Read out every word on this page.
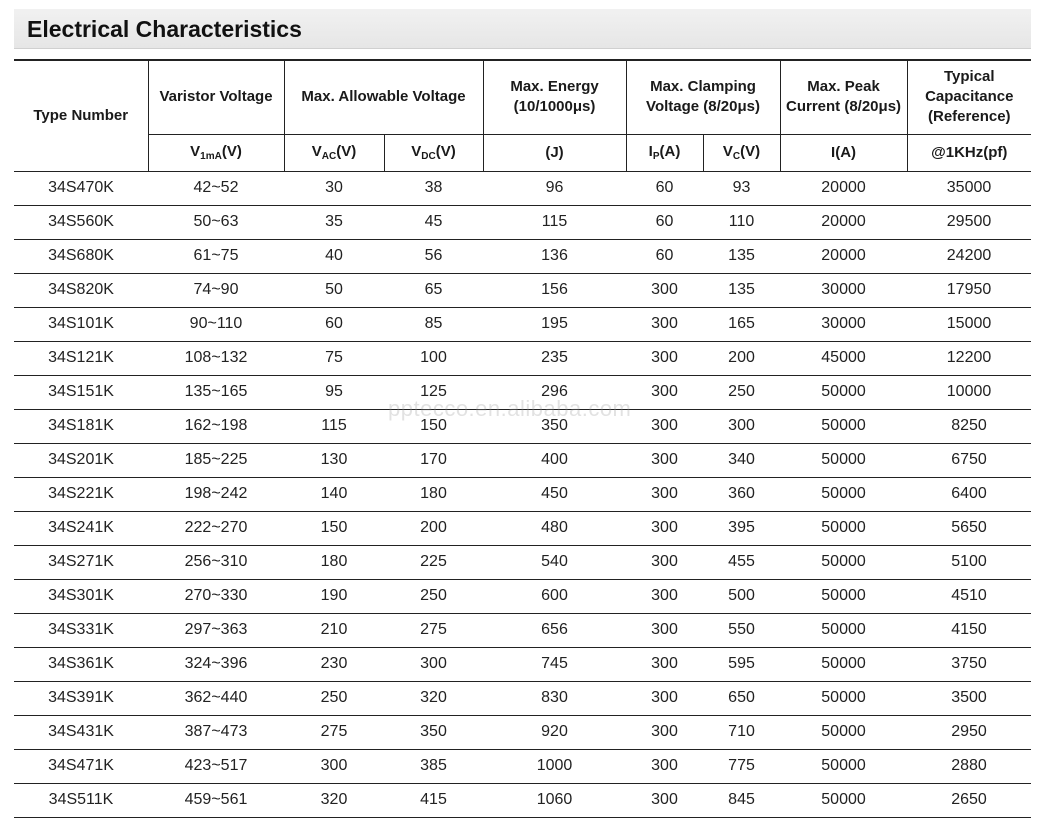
Electrical Characteristics
Type Number	Varistor Voltage	Max. Allowable Voltage		Max. Energy (10/1000μs)	Max. Clamping Voltage (8/20μs)		Max. Peak Current (8/20μs)	Typical Capacitance (Reference)
	$V_{1mA}(V)$	$V_{AC}(V)$	$V_{DC}(V)$	(J)	$I_P(A)$	$V_C(V)$	I(A)	@1KHz(pf)
34S470K	42~52	30	38	96	60	93	20000	35000
34S560K	50~63	35	45	115	60	110	20000	29500
34S680K	61~75	40	56	136	60	135	20000	24200
34S820K	74~90	50	65	156	300	135	30000	17950
34S101K	90~110	60	85	195	300	165	30000	15000
34S121K	108~132	75	100	235	300	200	45000	12200
34S151K	135~165	95	125	296	300	250	50000	10000
34S181K	162~198	115	150	350	300	300	50000	8250
34S201K	185~225	130	170	400	300	340	50000	6750
34S221K	198~242	140	180	450	300	360	50000	6400
34S241K	222~270	150	200	480	300	395	50000	5650
34S271K	256~310	180	225	540	300	455	50000	5100
34S301K	270~330	190	250	600	300	500	50000	4510
34S331K	297~363	210	275	656	300	550	50000	4150
34S361K	324~396	230	300	745	300	595	50000	3750
34S391K	362~440	250	320	830	300	650	50000	3500
34S431K	387~473	275	350	920	300	710	50000	2950
34S471K	423~517	300	385	1000	300	775	50000	2880
34S511K	459~561	320	415	1060	300	845	50000	2650
pptecco.en.alibaba.com
